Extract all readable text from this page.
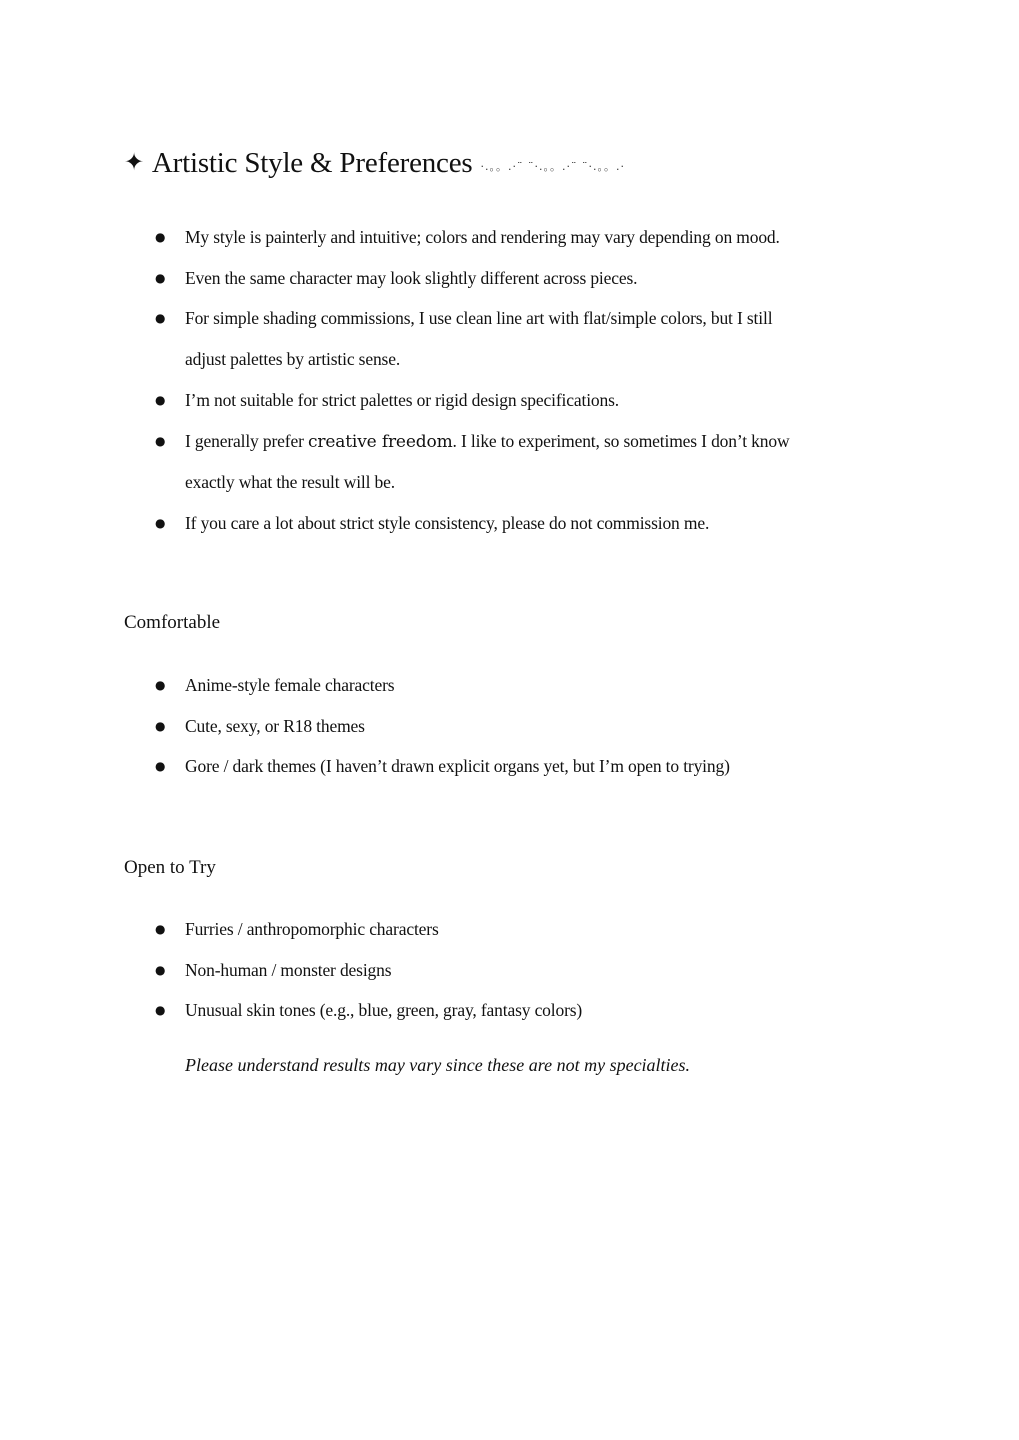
✦ Artistic Style & Preferences ·.。。.·¨ ¨·.。。.·¨ ¨·.。。.·
● My style is painterly and intuitive; colors and rendering may vary depending on mood.
● Even the same character may look slightly different across pieces.
● For simple shading commissions, I use clean line art with flat/simple colors, but I still
adjust palettes by artistic sense.
● I’m not suitable for strict palettes or rigid design specifications.
● I generally prefer creative freedom. I like to experiment, so sometimes I don’t know
exactly what the result will be.
● If you care a lot about strict style consistency, please do not commission me.
Comfortable
● Anime-style female characters
● Cute, sexy, or R18 themes
● Gore / dark themes (I haven’t drawn explicit organs yet, but I’m open to trying)
Open to Try
● Furries / anthropomorphic characters
● Non-human / monster designs
● Unusual skin tones (e.g., blue, green, gray, fantasy colors)
Please understand results may vary since these are not my specialties.
